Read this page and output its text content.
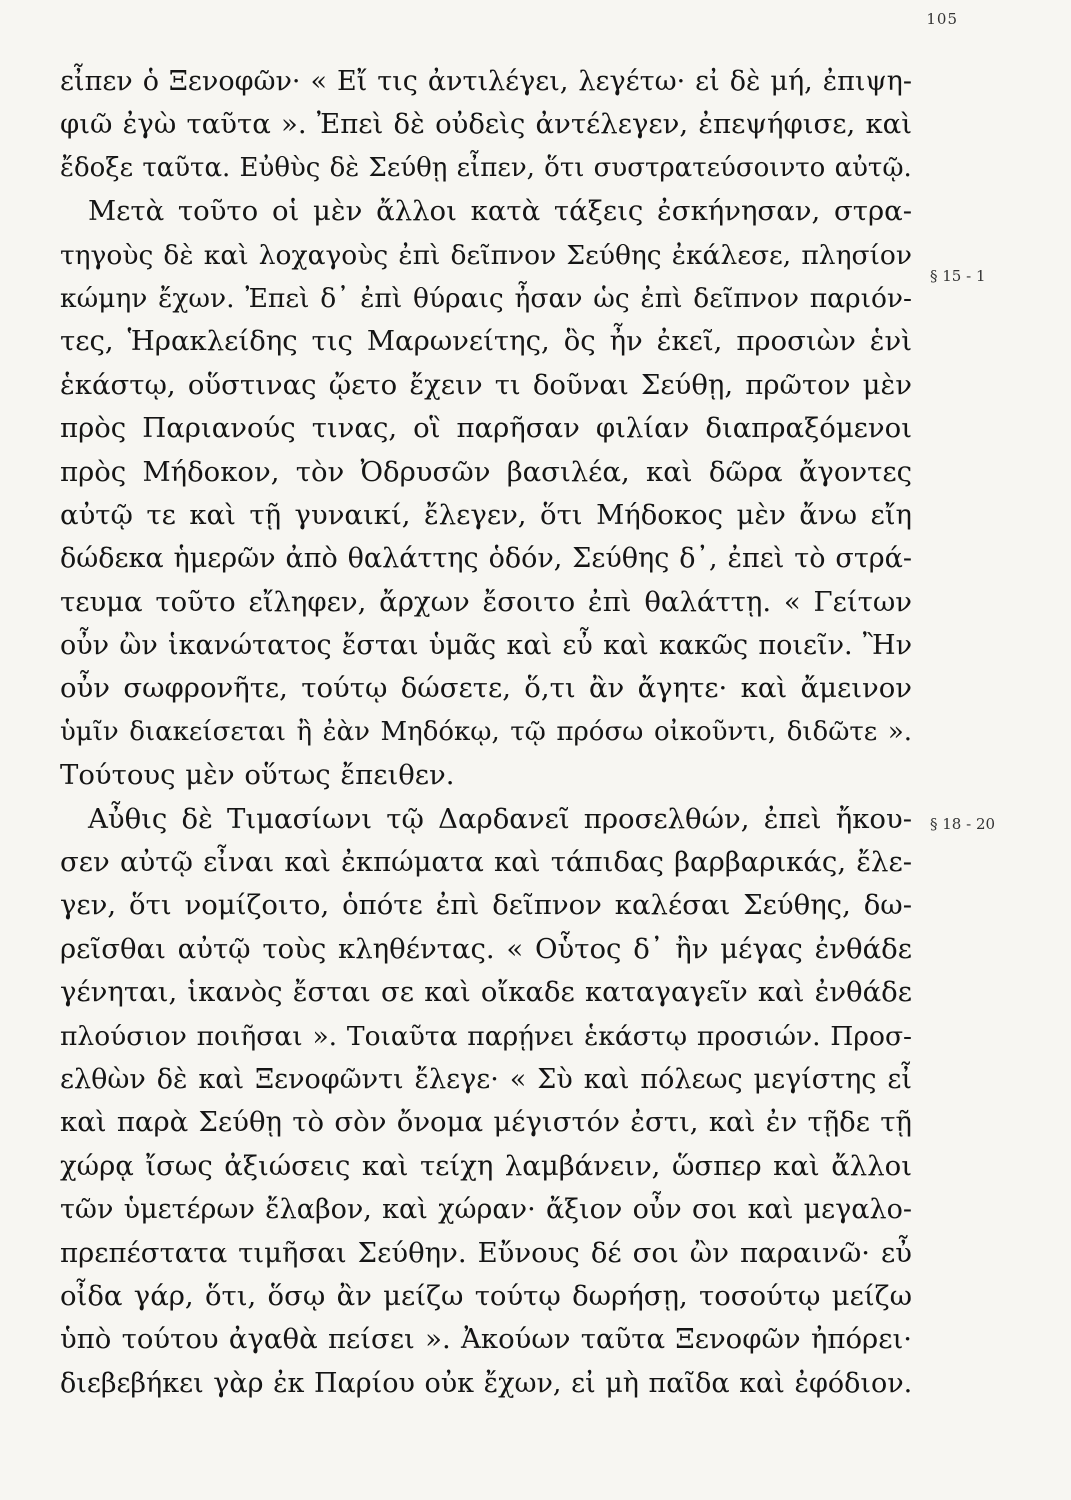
105
§ 15 - 1
§ 18 - 20
εἶπεν ὁ Ξενοφῶν· « Εἴ τις ἀντιλέγει, λεγέτω· εἰ δὲ μή, ἐπιψη-
φιῶ ἐγὼ ταῦτα ». Ἐπεὶ δὲ οὐδεὶς ἀντέλεγεν, ἐπεψήφισε, καὶ
ἔδοξε ταῦτα. Εὐθὺς δὲ Σεύθῃ εἶπεν, ὅτι συστρατεύσοιντο αὐτῷ.
Μετὰ τοῦτο οἱ μὲν ἄλλοι κατὰ τάξεις ἐσκήνησαν, στρα-
τηγοὺς δὲ καὶ λοχαγοὺς ἐπὶ δεῖπνον Σεύθης ἐκάλεσε, πλησίον
κώμην ἔχων. Ἐπεὶ δ᾽ ἐπὶ θύραις ἦσαν ὡς ἐπὶ δεῖπνον παριόν-
τες, Ἡρακλείδης τις Μαρωνείτης, ὃς ἦν ἐκεῖ, προσιὼν ἑνὶ
ἑκάστῳ, οὕστινας ᾤετο ἔχειν τι δοῦναι Σεύθῃ, πρῶτον μὲν
πρὸς Παριανούς τινας, οἳ παρῆσαν φιλίαν διαπραξόμενοι
πρὸς Μήδοκον, τὸν Ὀδρυσῶν βασιλέα, καὶ δῶρα ἄγοντες
αὐτῷ τε καὶ τῇ γυναικί, ἔλεγεν, ὅτι Μήδοκος μὲν ἄνω εἴη
δώδεκα ἡμερῶν ἀπὸ θαλάττης ὁδόν, Σεύθης δ᾽, ἐπεὶ τὸ στρά-
τευμα τοῦτο εἴληφεν, ἄρχων ἔσοιτο ἐπὶ θαλάττῃ. « Γείτων
οὖν ὢν ἱκανώτατος ἔσται ὑμᾶς καὶ εὖ καὶ κακῶς ποιεῖν. Ἢν
οὖν σωφρονῆτε, τούτῳ δώσετε, ὅ,τι ἂν ἄγητε· καὶ ἄμεινον
ὑμῖν διακείσεται ἢ ἐὰν Μηδόκῳ, τῷ πρόσω οἰκοῦντι, διδῶτε ».
Τούτους μὲν οὕτως ἔπειθεν.
Αὖθις δὲ Τιμασίωνι τῷ Δαρδανεῖ προσελθών, ἐπεὶ ἤκου-
σεν αὐτῷ εἶναι καὶ ἐκπώματα καὶ τάπιδας βαρβαρικάς, ἔλε-
γεν, ὅτι νομίζοιτο, ὁπότε ἐπὶ δεῖπνον καλέσαι Σεύθης, δω-
ρεῖσθαι αὐτῷ τοὺς κληθέντας. « Οὗτος δ᾽ ἢν μέγας ἐνθάδε
γένηται, ἱκανὸς ἔσται σε καὶ οἴκαδε καταγαγεῖν καὶ ἐνθάδε
πλούσιον ποιῆσαι ». Τοιαῦτα παρῄνει ἑκάστῳ προσιών. Προσ-
ελθὼν δὲ καὶ Ξενοφῶντι ἔλεγε· « Σὺ καὶ πόλεως μεγίστης εἶ
καὶ παρὰ Σεύθῃ τὸ σὸν ὄνομα μέγιστόν ἐστι, καὶ ἐν τῇδε τῇ
χώρᾳ ἴσως ἀξιώσεις καὶ τείχη λαμβάνειν, ὥσπερ καὶ ἄλλοι
τῶν ὑμετέρων ἔλαβον, καὶ χώραν· ἄξιον οὖν σοι καὶ μεγαλο-
πρεπέστατα τιμῆσαι Σεύθην. Εὔνους δέ σοι ὢν παραινῶ· εὖ
οἶδα γάρ, ὅτι, ὅσῳ ἂν μείζω τούτῳ δωρήσῃ, τοσούτῳ μείζω
ὑπὸ τούτου ἀγαθὰ πείσει ». Ἀκούων ταῦτα Ξενοφῶν ἠπόρει·
διεβεβήκει γὰρ ἐκ Παρίου οὐκ ἔχων, εἰ μὴ παῖδα καὶ ἐφόδιον.
